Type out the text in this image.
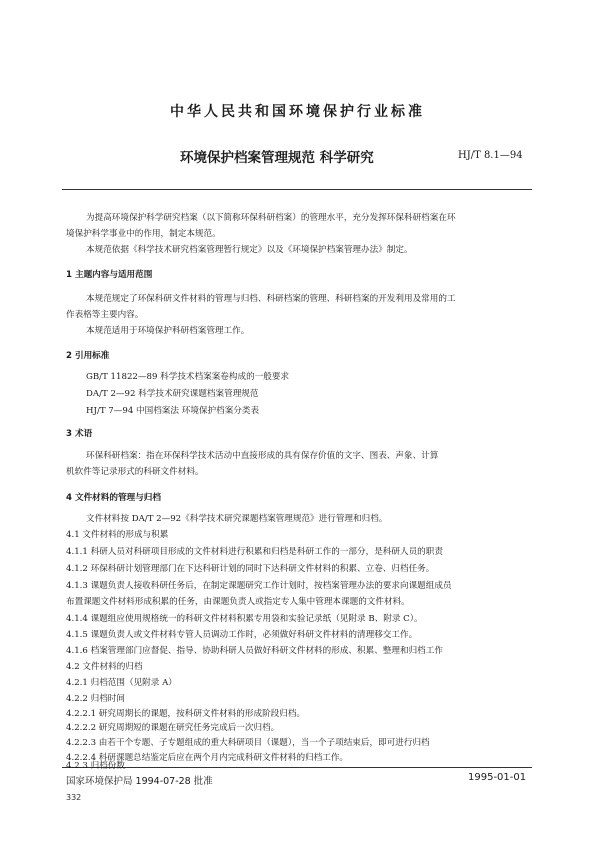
中华人民共和国环境保护行业标准
环境保护档案管理规范 科学研究	HJ/T 8.1—94
为提高环境保护科学研究档案（以下简称环保科研档案）的管理水平，充分发挥环保科研档案在环
境保护科学事业中的作用，制定本规范。
本规范依据《科学技术研究档案管理暂行规定》以及《环境保护档案管理办法》制定。
1 主题内容与适用范围
本规范规定了环保科研文件材料的管理与归档、科研档案的管理、科研档案的开发利用及常用的工
作表格等主要内容。
本规范适用于环境保护科研档案管理工作。
2 引用标准
GB/T 11822—89 科学技术档案案卷构成的一般要求
DA/T 2—92 科学技术研究课题档案管理规范
HJ/T 7—94 中国档案法 环境保护档案分类表
3 术语
环保科研档案：指在环保科学技术活动中直接形成的具有保存价值的文字、图表、声象、计算
机软件等记录形式的科研文件材料。
4 文件材料的管理与归档
文件材料按 DA/T 2—92《科学技术研究课题档案管理规范》进行管理和归档。
4.1 文件材料的形成与积累
4.1.1 科研人员对科研项目形成的文件材料进行积累和归档是科研工作的一部分，是科研人员的职责
4.1.2 环保科研计划管理部门在下达科研计划的同时下达科研文件材料的积累、立卷、归档任务。
4.1.3 课题负责人接收科研任务后，在制定课题研究工作计划时，按档案管理办法的要求向课题组成员
布置课题文件材料形成积累的任务，由课题负责人或指定专人集中管理本课题的文件材料。
4.1.4 课题组应使用规格统一的科研文件材料积累专用袋和实验记录纸（见附录 B、附录 C）。
4.1.5 课题负责人或文件材料专管人员调动工作时，必须做好科研文件材料的清理移交工作。
4.1.6 档案管理部门应督促、指导、协助科研人员做好科研文件材料的形成、积累、整理和归档工作
4.2 文件材料的归档
4.2.1 归档范围（见附录 A）
4.2.2 归档时间
4.2.2.1 研究周期长的课题，按科研文件材料的形成阶段归档。
4.2.2.2 研究周期短的课题在研究任务完成后一次归档。
4.2.2.3 由若干个专题、子专题组成的重大科研项目（课题），当一个子项结束后，即可进行归档
国家环境保护局 1994-07-28 批准	1995-01-01
332
4.2.2.4 科研课题总结鉴定后应在两个月内完成科研文件材料的归档工作。
4.2.3 归档份数
